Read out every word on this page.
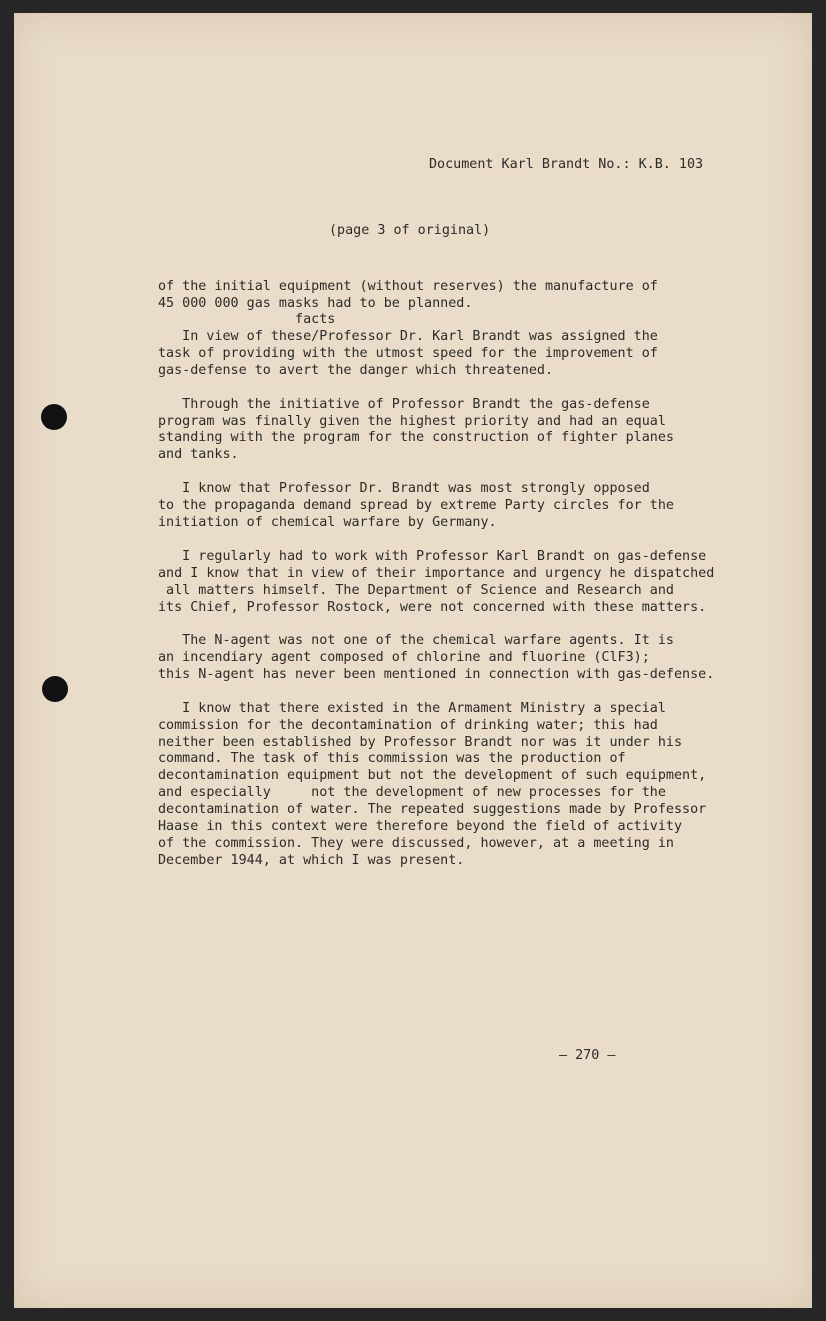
Document Karl Brandt No.: K.B. 103
(page 3 of original)
of the initial equipment (without reserves) the manufacture of
45 000 000 gas masks had to be planned.
facts
In view of these/Professor Dr. Karl Brandt was assigned the
task of providing with the utmost speed for the improvement of
gas-defense to avert the danger which threatened.
Through the initiative of Professor Brandt the gas-defense
program was finally given the highest priority and had an equal
standing with the program for the construction of fighter planes
and tanks.
I know that Professor Dr. Brandt was most strongly opposed
to the propaganda demand spread by extreme Party circles for the
initiation of chemical warfare by Germany.
I regularly had to work with Professor Karl Brandt on gas-defense
and I know that in view of their importance and urgency he dispatched
all matters himself. The Department of Science and Research and
its Chief, Professor Rostock, were not concerned with these matters.
The N-agent was not one of the chemical warfare agents. It is
an incendiary agent composed of chlorine and fluorine (ClF3);
this N-agent has never been mentioned in connection with gas-defense.
I know that there existed in the Armament Ministry a special
commission for the decontamination of drinking water; this had
neither been established by Professor Brandt nor was it under his
command. The task of this commission was the production of
decontamination equipment but not the development of such equipment,
and especially     not the development of new processes for the
decontamination of water. The repeated suggestions made by Professor
Haase in this context were therefore beyond the field of activity
of the commission. They were discussed, however, at a meeting in
December 1944, at which I was present.
— 270 —
